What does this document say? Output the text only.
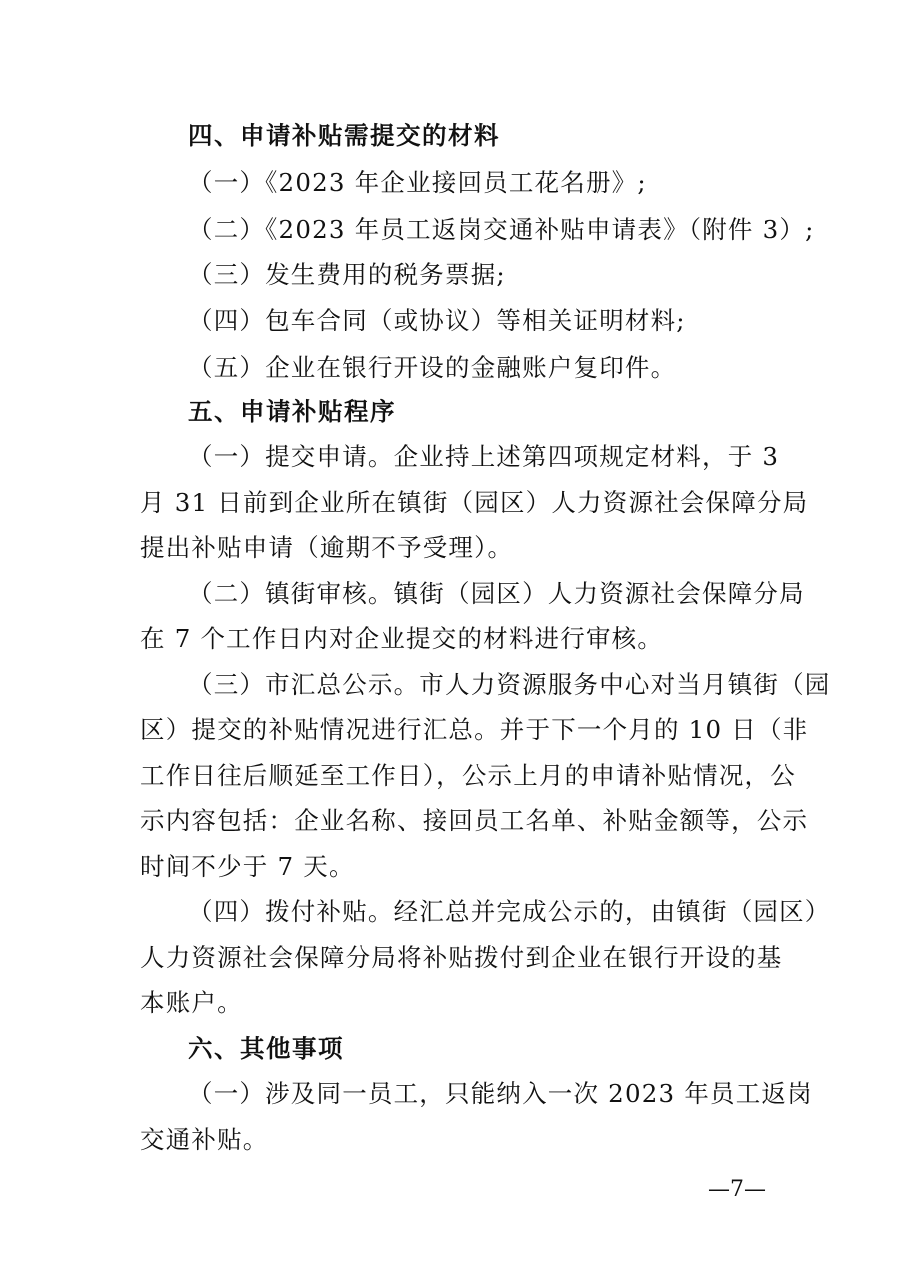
四、申请补贴需提交的材料
（一）《2023 年企业接回员工花名册》;
（二）《2023 年员工返岗交通补贴申请表》（附件 3）;
（三）发生费用的税务票据;
（四）包车合同（或协议）等相关证明材料;
（五）企业在银行开设的金融账户复印件。
五、申请补贴程序
（一）提交申请。企业持上述第四项规定材料，于 3
月 31 日前到企业所在镇街（园区）人力资源社会保障分局
提出补贴申请（逾期不予受理）。
（二）镇街审核。镇街（园区）人力资源社会保障分局
在 7 个工作日内对企业提交的材料进行审核。
（三）市汇总公示。市人力资源服务中心对当月镇街（园
区）提交的补贴情况进行汇总。并于下一个月的 10 日（非
工作日往后顺延至工作日），公示上月的申请补贴情况，公
示内容包括：企业名称、接回员工名单、补贴金额等，公示
时间不少于 7 天。
（四）拨付补贴。经汇总并完成公示的，由镇街（园区）
人力资源社会保障分局将补贴拨付到企业在银行开设的基
本账户。
六、其他事项
（一）涉及同一员工，只能纳入一次 2023 年员工返岗
交通补贴。
—7—
